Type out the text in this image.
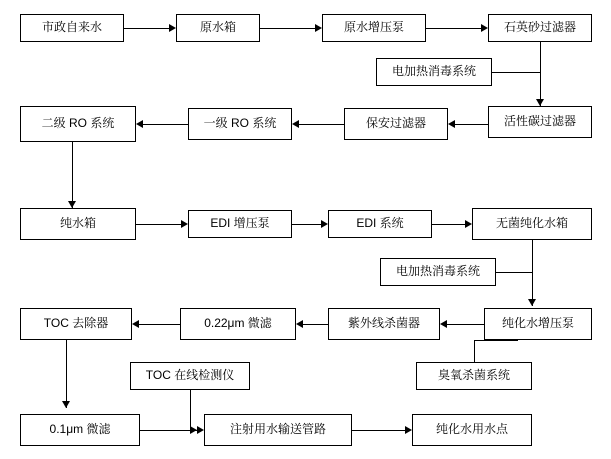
市政自来水	原水箱	原水增压泵	石英砂过滤器
电加热消毒系统
二级 RO 系统	一级 RO 系统	保安过滤器	活性碳过滤器
纯水箱	EDI 增压泵	EDI 系统	无菌纯化水箱
电加热消毒系统
TOC 去除器	0.22μm 微滤	紫外线杀菌器	纯化水增压泵
臭氧杀菌系统
TOC 在线检测仪
0.1μm 微滤	注射用水输送管路	纯化水用水点
